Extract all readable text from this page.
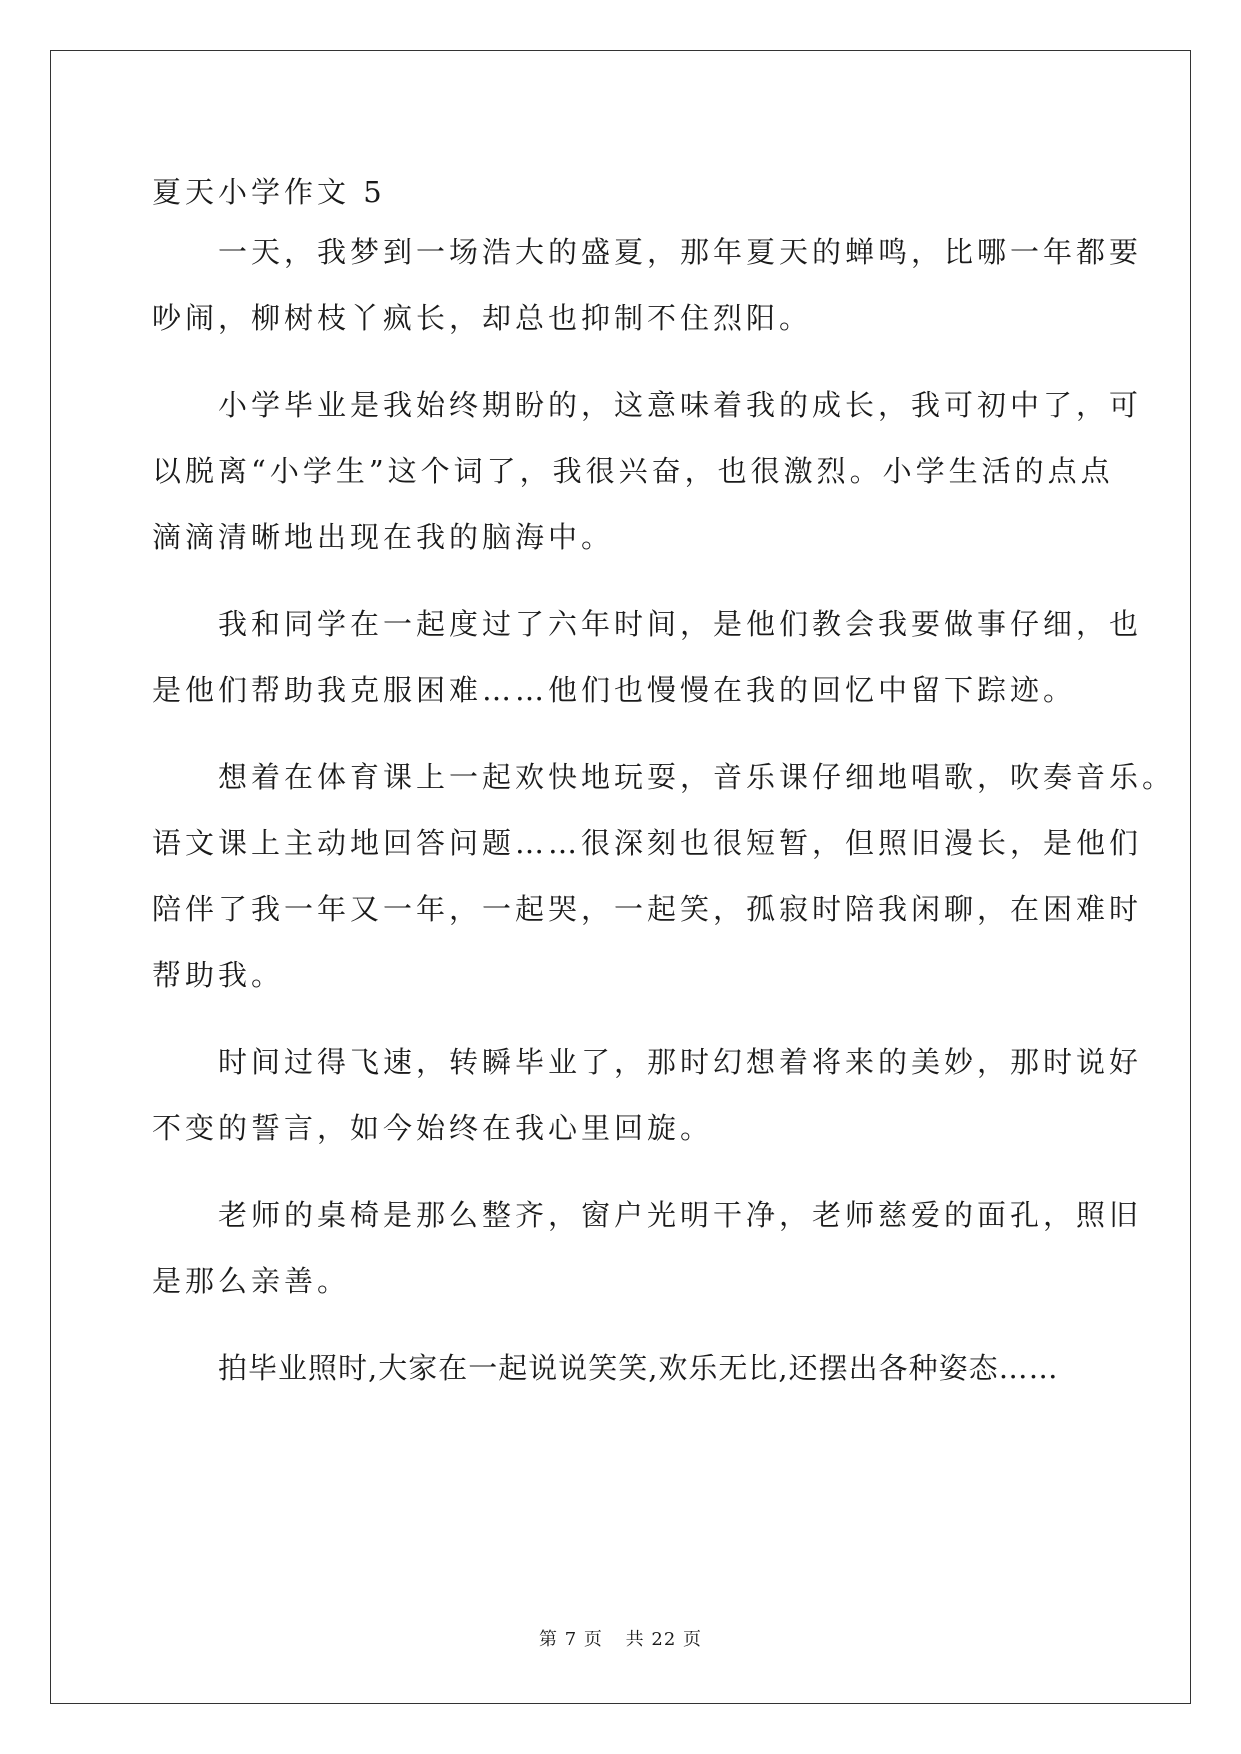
夏天小学作文 5
一天，我梦到一场浩大的盛夏，那年夏天的蝉鸣，比哪一年都要
吵闹，柳树枝丫疯长，却总也抑制不住烈阳。
小学毕业是我始终期盼的，这意味着我的成长，我可初中了，可
以脱离“小学生”这个词了，我很兴奋，也很激烈。小学生活的点点
滴滴清晰地出现在我的脑海中。
我和同学在一起度过了六年时间，是他们教会我要做事仔细，也
是他们帮助我克服困难……他们也慢慢在我的回忆中留下踪迹。
想着在体育课上一起欢快地玩耍，音乐课仔细地唱歌，吹奏音乐。
语文课上主动地回答问题……很深刻也很短暂，但照旧漫长，是他们
陪伴了我一年又一年，一起哭，一起笑，孤寂时陪我闲聊，在困难时
帮助我。
时间过得飞速，转瞬毕业了，那时幻想着将来的美妙，那时说好
不变的誓言，如今始终在我心里回旋。
老师的桌椅是那么整齐，窗户光明干净，老师慈爱的面孔，照旧
是那么亲善。
拍毕业照时,大家在一起说说笑笑,欢乐无比,还摆出各种姿态……
第 7 页 共 22 页
